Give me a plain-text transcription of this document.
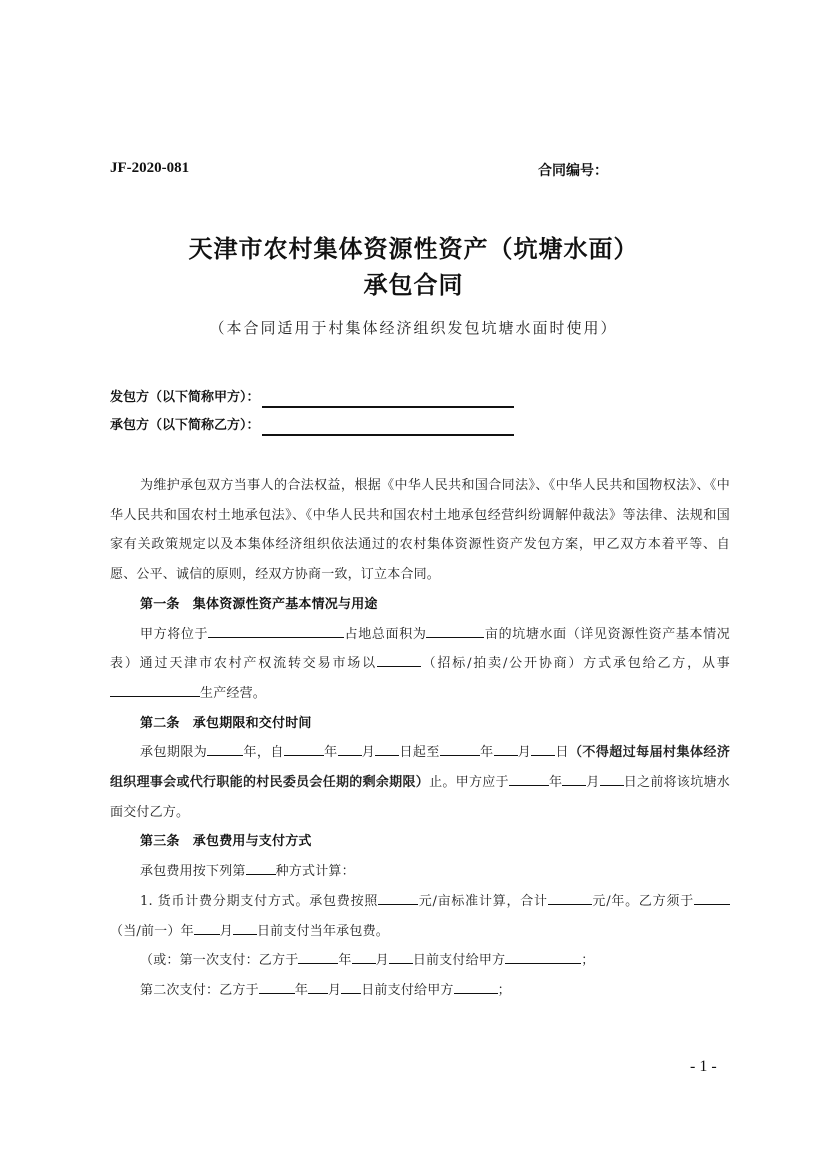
JF-2020-081	合同编号：
天津市农村集体资源性资产（坑塘水面）
承包合同
（本合同适用于村集体经济组织发包坑塘水面时使用）
发包方（以下简称甲方）：
承包方（以下简称乙方）：

为维护承包双方当事人的合法权益，根据《中华人民共和国合同法》、《中华人民共和国物权法》、《中华人民共和国农村土地承包法》、《中华人民共和国农村土地承包经营纠纷调解仲裁法》等法律、法规和国家有关政策规定以及本集体经济组织依法通过的农村集体资源性资产发包方案，甲乙双方本着平等、自愿、公平、诚信的原则，经双方协商一致，订立本合同。

第一条　集体资源性资产基本情况与用途

甲方将位于	占地总面积为	亩的坑塘水面（详见资源性资产基本情况表）通过天津市农村产权流转交易市场以	（招标/拍卖/公开协商）方式承包给乙方，从事生产经营。

第二条　承包期限和交付时间

承包期限为	年，自	年 月 日起至	年 月 日（不得超过每届村集体经济组织理事会或代行职能的村民委员会任期的剩余期限）止。甲方应于	年 月 日之前将该坑塘水面交付乙方。

第三条　承包费用与支付方式

承包费用按下列第 种方式计算：

1. 货币计费分期支付方式。承包费按照	元/亩标准计算，合计	元/年。乙方须于（当/前一）年 月 日前支付当年承包费。

（或：第一次支付：乙方于	年 月 日前支付给甲方	；

第二次支付：乙方于	年 月 日前支付给甲方	；

- 1 -
